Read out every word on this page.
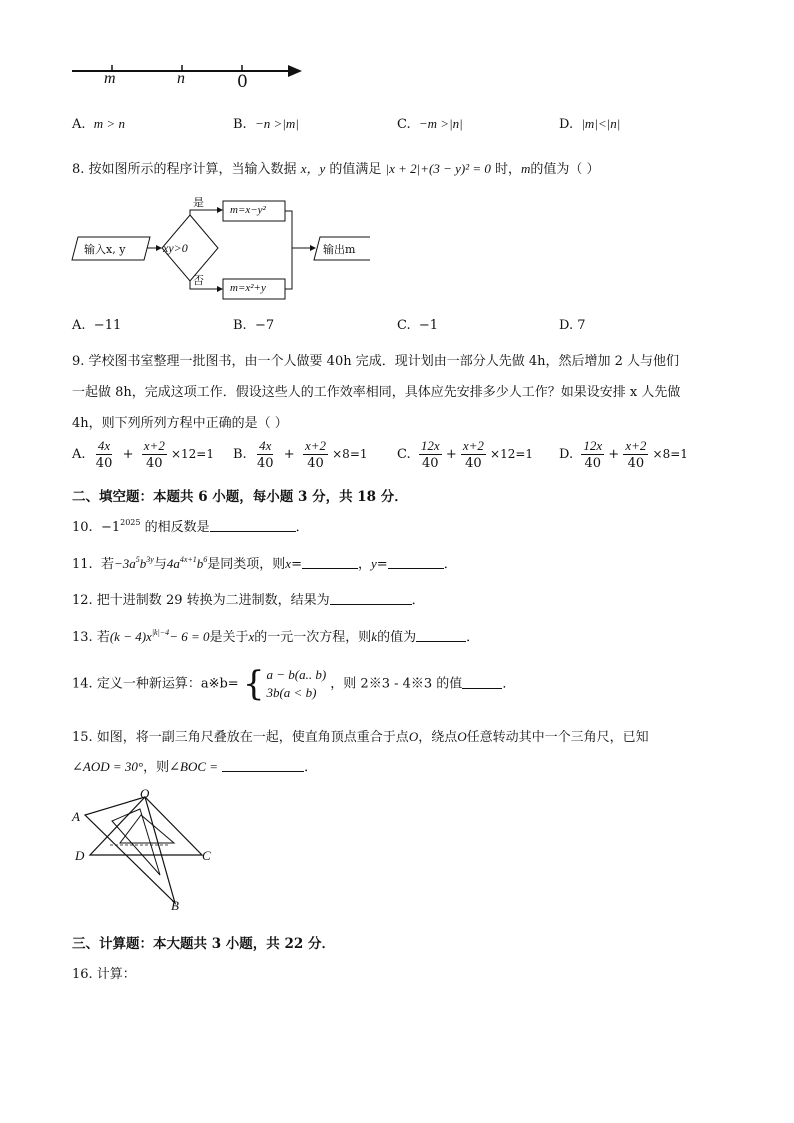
m	n	0
A. m > n	B. −n >|m|	C. −m >|n|	D. |m|<|n|
8. 按如图所示的程序计算，当输入数据 x，y 的值满足 |x + 2|+(3 − y)² = 0 时，m的值为（ ）
输入x, y	xy>0
是
否
m=x−y²
m=x²+y
输出m
A. −11	B. −7	C. −1	D. 7
9. 学校图书室整理一批图书，由一个人做要 40h 完成．现计划由一部分人先做 4h，然后增加 2 人与他们
一起做 8h，完成这项工作．假设这些人的工作效率相同，具体应先安排多少人工作？如果设安排 x 人先做
4h，则下列所列方程中正确的是（ ）
A. $\frac{4x}{40} + \frac{x+2}{40} \times 12=1$ B. $\frac{4x}{40} + \frac{x+2}{40} \times 8=1$ C. $\frac{12x}{40} + \frac{x+2}{40} \times 12=1$ D. $\frac{12x}{40} + \frac{x+2}{40} \times 8=1$
二、填空题：本题共 6 小题，每小题 3 分，共 18 分．
10. $-1^{2025}$ 的相反数是	．
11. 若$-3a^5b^{3y}$与$4a^{4x+1}b^6$是同类项，则x=	，y=	．
12. 把十进制数 29 转换为二进制数，结果为	．
13. 若$(k - 4)x^{|k|-4}- 6 = 0$是关于x的一元一次方程，则k的值为	．
14. 定义一种新运算：a※b= { a − b(a.. b)
3b(a < b)
，则 2※3 - 4※3 的值	．
15. 如图，将一副三角尺叠放在一起，使直角顶点重合于点O，绕点O任意转动其中一个三角尺，已知
∠AOD = 30°，则∠BOC =	．
O
A
D	C
B
三、计算题：本大题共 3 小题，共 22 分．
16. 计算：
